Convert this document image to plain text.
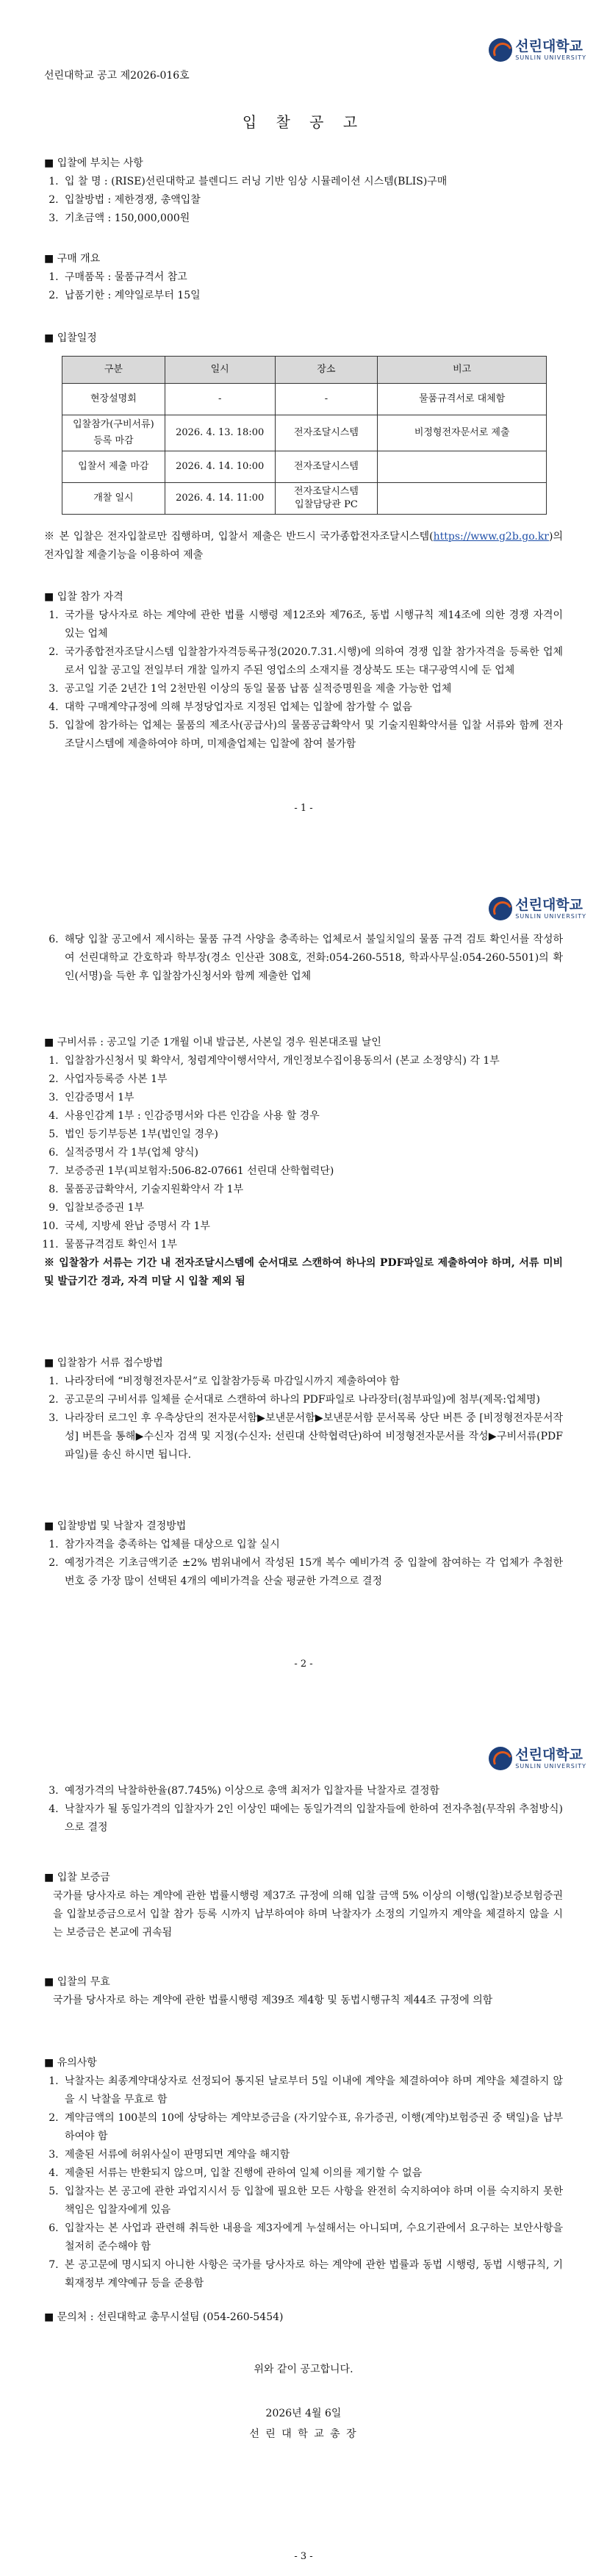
선린대학교
SUNLIN UNIVERSITY
선린대학교 공고 제2026-016호
입 찰 공 고

■ 입찰에 부치는 사항

1. 입 찰 명 : (RISE)선린대학교 블렌디드 러닝 기반 임상 시뮬레이션 시스템(BLIS)구매
2. 입찰방법 : 제한경쟁, 총액입찰
3. 기초금액 : 150,000,000원

■ 구매 개요

1. 구매품목 : 물품규격서 참고
2. 납품기한 : 계약일로부터 15일

■ 입찰일정

구분	일시	장소	비고
현장설명회	-	-	물품규격서로 대체함
입찰참가(구비서류)
등록 마감	2026. 4. 13. 18:00	전자조달시스템	비정형전자문서로 제출
입찰서 제출 마감	2026. 4. 14. 10:00	전자조달시스템	
개찰 일시	2026. 4. 14. 11:00	전자조달시스템
입찰담당관 PC	
※ 본 입찰은 전자입찰로만 집행하며, 입찰서 제출은 반드시 국가종합전자조달시스템(https://www.g2b.go.kr)의 전자입찰 제출기능을 이용하여 제출

■ 입찰 참가 자격

1. 국가를 당사자로 하는 계약에 관한 법률 시행령 제12조와 제76조, 동법 시행규칙 제14조에 의한 경쟁 자격이 있는 업체
2. 국가종합전자조달시스템 입찰참가자격등록규정(2020.7.31.시행)에 의하여 경쟁 입찰 참가자격을 등록한 업체로서 입찰 공고일 전일부터 개찰 일까지 주된 영업소의 소재지를 경상북도 또는 대구광역시에 둔 업체
3. 공고일 기준 2년간 1억 2천만원 이상의 동일 물품 납품 실적증명원을 제출 가능한 업체
4. 대학 구매계약규정에 의해 부정당업자로 지정된 업체는 입찰에 참가할 수 없음
5. 입찰에 참가하는 업체는 물품의 제조사(공급사)의 물품공급확약서 및 기술지원확약서를 입찰 서류와 함께 전자조달시스템에 제출하여야 하며, 미제출업체는 입찰에 참여 불가함
- 1 -
선린대학교
SUNLIN UNIVERSITY
6. 해당 입찰 공고에서 제시하는 물품 규격 사양을 충족하는 업체로서 불일치일의 물품 규격 검토 확인서를 작성하여 선린대학교 간호학과 학부장(경소 인산관 308호, 전화:054-260-5518, 학과사무실:054-260-5501)의 확인(서명)을 득한 후 입찰참가신청서와 함께 제출한 업체

■ 구비서류 : 공고일 기준 1개월 이내 발급본, 사본일 경우 원본대조필 날인

1. 입찰참가신청서 및 확약서, 청렴계약이행서약서, 개인정보수집이용동의서 (본교 소정양식) 각 1부
2. 사업자등록증 사본 1부
3. 인감증명서 1부
4. 사용인감계 1부 : 인감증명서와 다른 인감을 사용 할 경우
5. 법인 등기부등본 1부(법인일 경우)
6. 실적증명서 각 1부(업체 양식)
7. 보증증권 1부(피보험자:506-82-07661 선린대 산학협력단)
8. 물품공급확약서, 기술지원확약서 각 1부
9. 입찰보증증권 1부
10. 국세, 지방세 완납 증명서 각 1부
11. 물품규격검토 확인서 1부

※ 입찰참가 서류는 기간 내 전자조달시스템에 순서대로 스캔하여 하나의 PDF파일로 제출하여야 하며, 서류 미비 및 발급기간 경과, 자격 미달 시 입찰 제외 됨

■ 입찰참가 서류 접수방법

1. 나라장터에 “비정형전자문서”로 입찰참가등록 마감일시까지 제출하여야 함
2. 공고문의 구비서류 일체를 순서대로 스캔하여 하나의 PDF파일로 나라장터(첨부파일)에 첨부(제목:업체명)
3. 나라장터 로그인 후 우측상단의 전자문서함▶보낸문서함▶보낸문서함 문서목록 상단 버튼 중 [비정형전자문서작성] 버튼을 통해▶수신자 검색 및 지정(수신자: 선린대 산학협력단)하여 비정형전자문서를 작성▶구비서류(PDF파일)를 송신 하시면 됩니다.

■ 입찰방법 및 낙찰자 결정방법

1. 참가자격을 충족하는 업체를 대상으로 입찰 실시
2. 예정가격은 기초금액기준 ±2% 범위내에서 작성된 15개 복수 예비가격 중 입찰에 참여하는 각 업체가 추첨한 번호 중 가장 많이 선택된 4개의 예비가격을 산술 평균한 가격으로 결정
- 2 -
선린대학교
SUNLIN UNIVERSITY
3. 예정가격의 낙찰하한율(87.745%) 이상으로 총액 최저가 입찰자를 낙찰자로 결정함
4. 낙찰자가 될 동일가격의 입찰자가 2인 이상인 때에는 동일가격의 입찰자들에 한하여 전자추첨(무작위 추첨방식)으로 결정

■ 입찰 보증금

국가를 당사자로 하는 계약에 관한 법률시행령 제37조 규정에 의해 입찰 금액 5% 이상의 이행(입찰)보증보험증권을 입찰보증금으로서 입찰 참가 등록 시까지 납부하여야 하며 낙찰자가 소정의 기일까지 계약을 체결하지 않을 시는 보증금은 본교에 귀속됨

■ 입찰의 무효

국가를 당사자로 하는 계약에 관한 법률시행령 제39조 제4항 및 동법시행규칙 제44조 규정에 의함

■ 유의사항

1. 낙찰자는 최종계약대상자로 선정되어 통지된 날로부터 5일 이내에 계약을 체결하여야 하며 계약을 체결하지 않을 시 낙찰을 무효로 함
2. 계약금액의 100분의 10에 상당하는 계약보증금을 (자기앞수표, 유가증권, 이행(계약)보험증권 중 택일)을 납부하여야 함
3. 제출된 서류에 허위사실이 판명되면 계약을 해지함
4. 제출된 서류는 반환되지 않으며, 입찰 진행에 관하여 일체 이의를 제기할 수 없음
5. 입찰자는 본 공고에 관한 과업지시서 등 입찰에 필요한 모든 사항을 완전히 숙지하여야 하며 이를 숙지하지 못한 책임은 입찰자에게 있음
6. 입찰자는 본 사업과 관련해 취득한 내용을 제3자에게 누설해서는 아니되며, 수요기관에서 요구하는 보안사항을 철저히 준수해야 함
7. 본 공고문에 명시되지 아니한 사항은 국가를 당사자로 하는 계약에 관한 법률과 동법 시행령, 동법 시행규칙, 기획재정부 계약예규 등을 준용함

■ 문의처 : 선린대학교 총무시설팀 (054-260-5454)

위와 같이 공고합니다.
2026년 4월 6일
선 린 대 학 교 총 장
- 3 -
